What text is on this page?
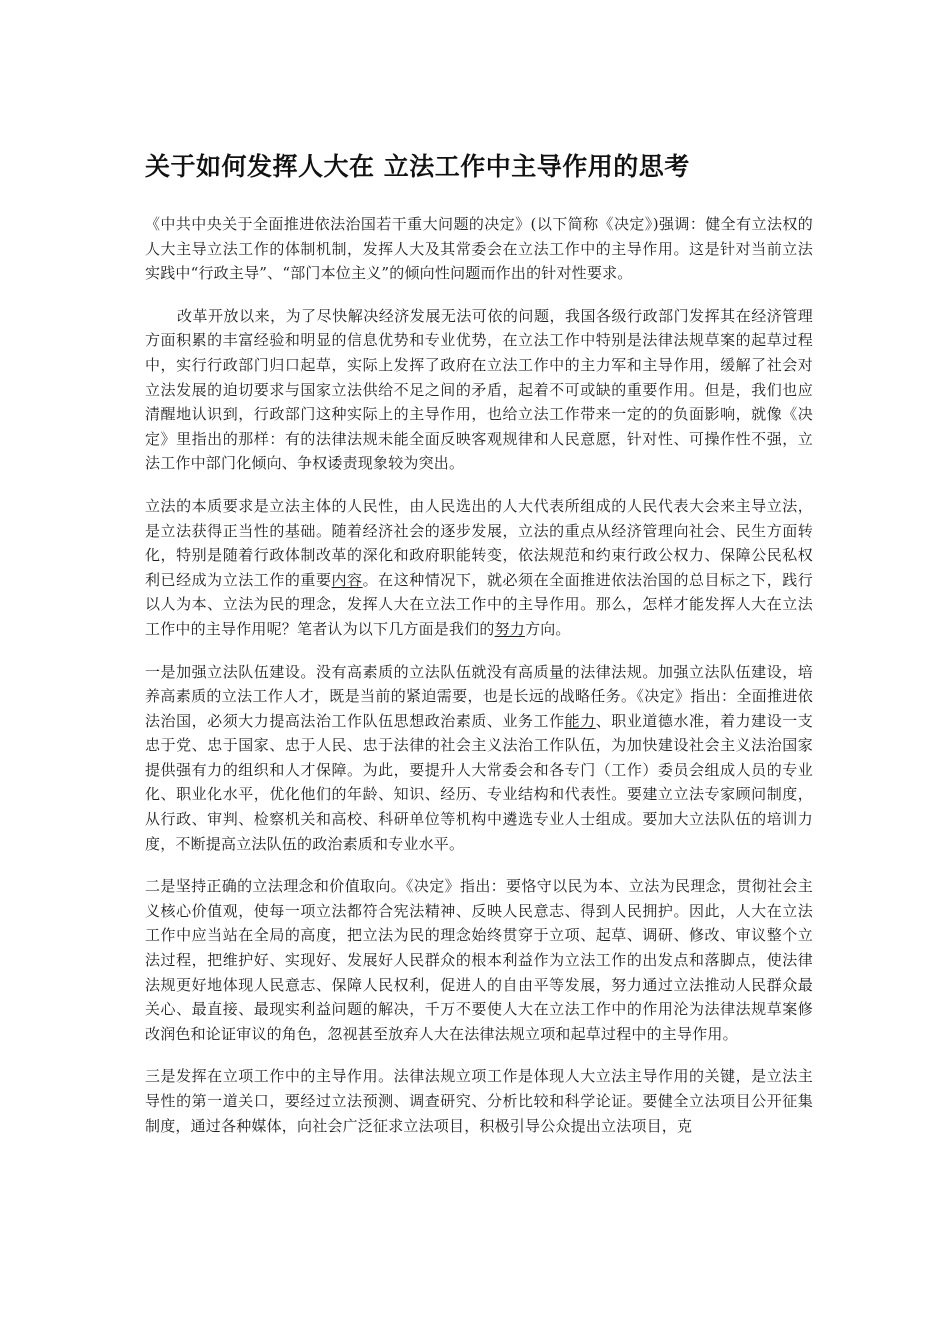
关于如何发挥人大在 立法工作中主导作用的思考

《中共中央关于全面推进依法治国若干重大问题的决定》(以下简称《决定》)强调：健全有立法权的人大主导立法工作的体制机制，发挥人大及其常委会在立法工作中的主导作用。这是针对当前立法实践中“行政主导”、“部门本位主义”的倾向性问题而作出的针对性要求。

改革开放以来，为了尽快解决经济发展无法可依的问题，我国各级行政部门发挥其在经济管理方面积累的丰富经验和明显的信息优势和专业优势，在立法工作中特别是法律法规草案的起草过程中，实行行政部门归口起草，实际上发挥了政府在立法工作中的主力军和主导作用，缓解了社会对立法发展的迫切要求与国家立法供给不足之间的矛盾，起着不可或缺的重要作用。但是，我们也应清醒地认识到，行政部门这种实际上的主导作用，也给立法工作带来一定的的负面影响，就像《决定》里指出的那样：有的法律法规未能全面反映客观规律和人民意愿，针对性、可操作性不强，立法工作中部门化倾向、争权诿责现象较为突出。

立法的本质要求是立法主体的人民性，由人民选出的人大代表所组成的人民代表大会来主导立法，是立法获得正当性的基础。随着经济社会的逐步发展，立法的重点从经济管理向社会、民生方面转化，特别是随着行政体制改革的深化和政府职能转变，依法规范和约束行政公权力、保障公民私权利已经成为立法工作的重要内容。在这种情况下，就必须在全面推进依法治国的总目标之下，践行以人为本、立法为民的理念，发挥人大在立法工作中的主导作用。那么，怎样才能发挥人大在立法工作中的主导作用呢？笔者认为以下几方面是我们的努力方向。

一是加强立法队伍建设。没有高素质的立法队伍就没有高质量的法律法规。加强立法队伍建设，培养高素质的立法工作人才，既是当前的紧迫需要，也是长远的战略任务。《决定》指出：全面推进依法治国，必须大力提高法治工作队伍思想政治素质、业务工作能力、职业道德水准，着力建设一支忠于党、忠于国家、忠于人民、忠于法律的社会主义法治工作队伍，为加快建设社会主义法治国家提供强有力的组织和人才保障。为此，要提升人大常委会和各专门（工作）委员会组成人员的专业化、职业化水平，优化他们的年龄、知识、经历、专业结构和代表性。要建立立法专家顾问制度，从行政、审判、检察机关和高校、科研单位等机构中遴选专业人士组成。要加大立法队伍的培训力度，不断提高立法队伍的政治素质和专业水平。

二是坚持正确的立法理念和价值取向。《决定》指出：要恪守以民为本、立法为民理念，贯彻社会主义核心价值观，使每一项立法都符合宪法精神、反映人民意志、得到人民拥护。因此，人大在立法工作中应当站在全局的高度，把立法为民的理念始终贯穿于立项、起草、调研、修改、审议整个立法过程，把维护好、实现好、发展好人民群众的根本利益作为立法工作的出发点和落脚点，使法律法规更好地体现人民意志、保障人民权利，促进人的自由平等发展，努力通过立法推动人民群众最关心、最直接、最现实利益问题的解决，千万不要使人大在立法工作中的作用沦为法律法规草案修改润色和论证审议的角色，忽视甚至放弃人大在法律法规立项和起草过程中的主导作用。

三是发挥在立项工作中的主导作用。法律法规立项工作是体现人大立法主导作用的关键，是立法主导性的第一道关口，要经过立法预测、调查研究、分析比较和科学论证。要健全立法项目公开征集制度，通过各种媒体，向社会广泛征求立法项目，积极引导公众提出立法项目，克
